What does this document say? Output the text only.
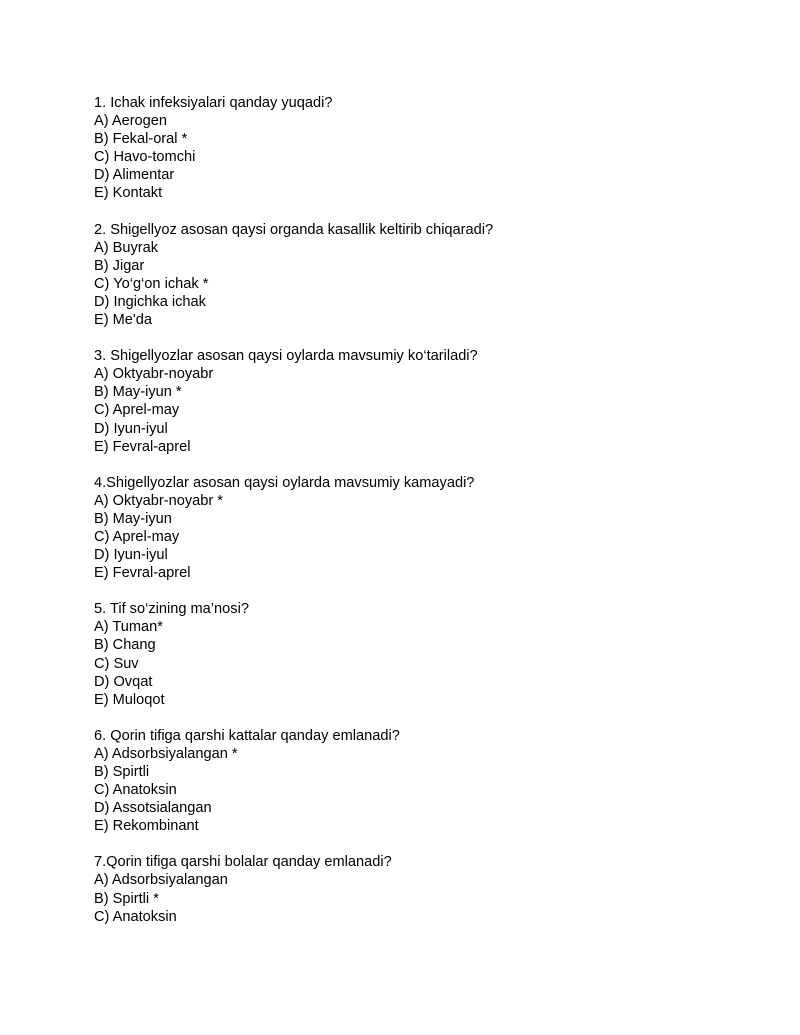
1. Ichak infeksiyalari qanday yuqadi?
A) Aerogen
B) Fekal-oral *
C) Havo-tomchi
D) Alimentar
E) Kontakt
2. Shigellyoz asosan qaysi organda kasallik keltirib chiqaradi?
A) Buyrak
B) Jigar
C) Yo‘g‘on ichak *
D) Ingichka ichak
E) Me'da
3. Shigellyozlar asosan qaysi oylarda mavsumiy ko‘tariladi?
A) Oktyabr-noyabr
B) May-iyun *
C) Aprel-may
D) Iyun-iyul
E) Fevral-aprel
4.Shigellyozlar asosan qaysi oylarda mavsumiy kamayadi?
A) Oktyabr-noyabr *
B) May-iyun
C) Aprel-may
D) Iyun-iyul
E) Fevral-aprel
5. Tif so‘zining ma’nosi?
A) Tuman*
B) Chang
C) Suv
D) Ovqat
E) Muloqot
6. Qorin tifiga qarshi kattalar qanday emlanadi?
A) Adsorbsiyalangan *
B) Spirtli
C) Anatoksin
D) Assotsialangan
E) Rekombinant
7.Qorin tifiga qarshi bolalar qanday emlanadi?
A) Adsorbsiyalangan
B) Spirtli *
C) Anatoksin
